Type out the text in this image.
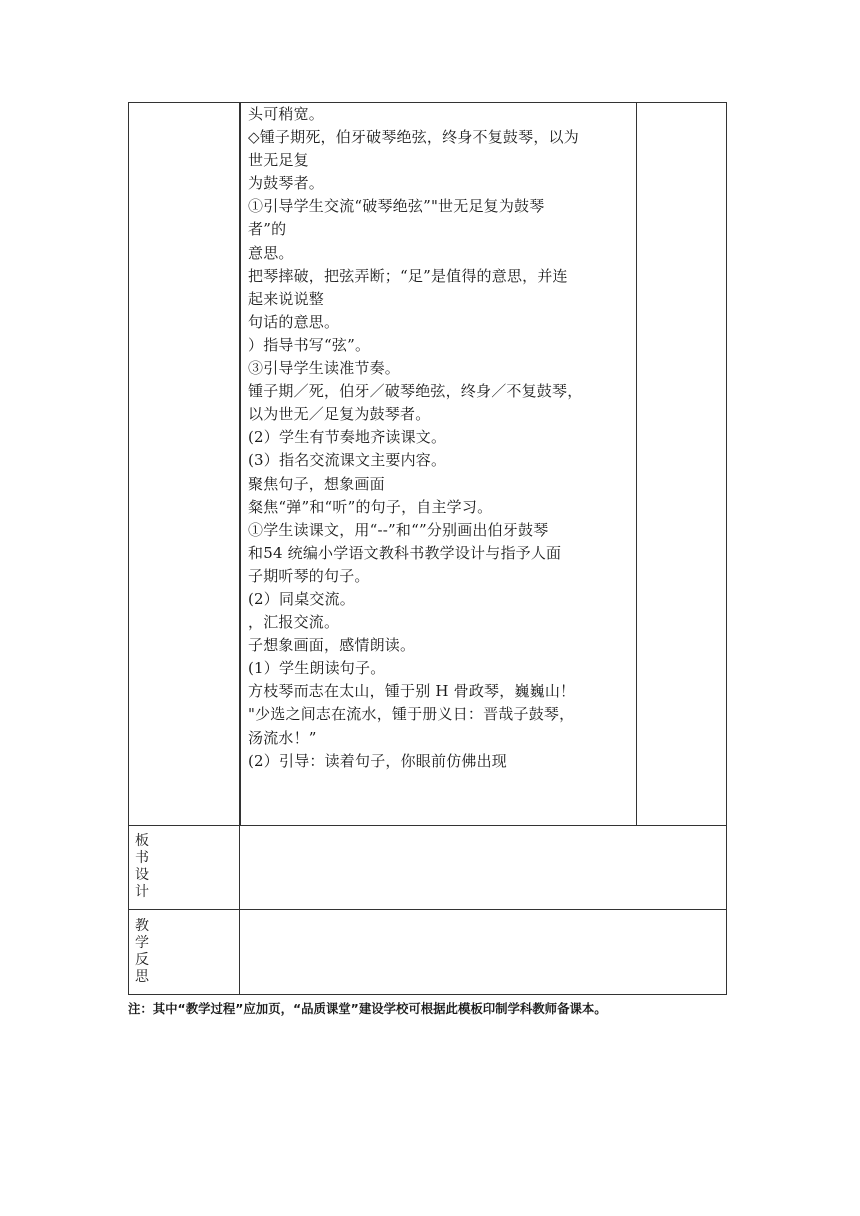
头可稍宽。
◇锺子期死，伯牙破琴绝弦，终身不复鼓琴，以为
世无足复
为鼓琴者。
①引导学生交流“破琴绝弦”"世无足复为鼓琴
者”的
意思。
把琴摔破，把弦弄断；“足”是值得的意思，并连
起来说说整
句话的意思。
）指导书写“弦”。
③引导学生读准节奏。
锺子期／死，伯牙／破琴绝弦，终身／不复鼓琴，
以为世无／足复为鼓琴者。
(2）学生有节奏地齐读课文。
(3）指名交流课文主要内容。
聚焦句子，想象画面
粲焦“弹”和“听”的句子，自主学习。
①学生读课文，用“--”和“”分别画出伯牙鼓琴
和54 统编小学语文教科书教学设计与指予人面
子期听琴的句子。
(2）同桌交流。
，汇报交流。
子想象画面，感情朗读。
(1）学生朗读句子。
方枝琴而志在太山，锺于别 H 骨政琴，巍巍山！
"少选之间志在流水，锺于册义日：晋哉子鼓琴，
汤流水！”
(2）引导：读着句子，你眼前仿佛出现
板书设计
教学反思
注：其中“教学过程”应加页，“品质课堂”建设学校可根据此模板印制学科教师备课本。
